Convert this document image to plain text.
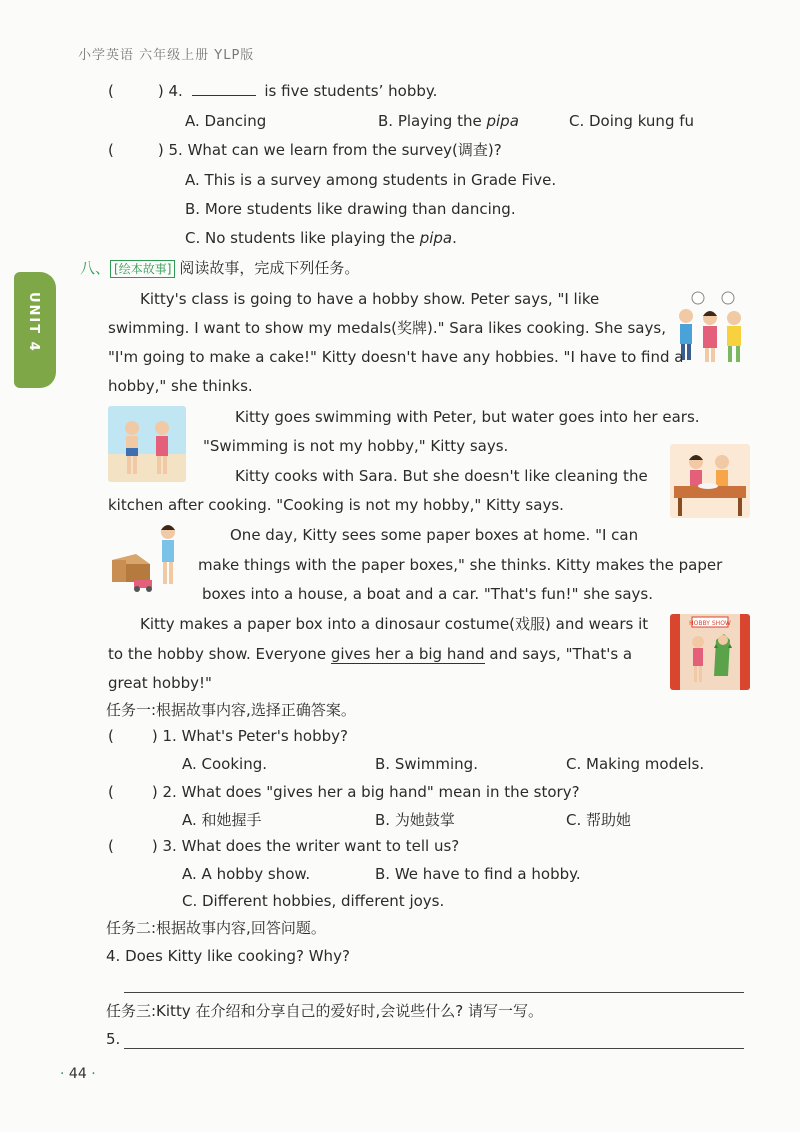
小学英语 六年级上册 YLP版
UNIT 4
(	) 4.	is five students’ hobby.
A. Dancing	B. Playing the pipa	C. Doing kung fu
(	) 5. What can we learn from the survey(调查)?
A. This is a survey among students in Grade Five.
B. More students like drawing than dancing.
C. No students like playing the pipa.
八、 [绘本故事] 阅读故事，完成下列任务。
Kitty's class is going to have a hobby show. Peter says, "I like
swimming. I want to show my medals(奖牌)." Sara likes cooking. She says,
"I'm going to make a cake!" Kitty doesn't have any hobbies. "I have to find a
hobby," she thinks.
Kitty goes swimming with Peter, but water goes into her ears.
"Swimming is not my hobby," Kitty says.
Kitty cooks with Sara. But she doesn't like cleaning the
kitchen after cooking. "Cooking is not my hobby," Kitty says.
One day, Kitty sees some paper boxes at home. "I can
make things with the paper boxes," she thinks. Kitty makes the paper
boxes into a house, a boat and a car. "That's fun!" she says.
HOBBY SHOW
Kitty makes a paper box into a dinosaur costume(戏服) and wears it
to the hobby show. Everyone gives her a big hand and says, "That's a
great hobby!"
任务一:根据故事内容,选择正确答案。
(	) 1. What's Peter's hobby?
A. Cooking.	B. Swimming.	C. Making models.
(	) 2. What does "gives her a big hand" mean in the story?
A. 和她握手	B. 为她鼓掌	C. 帮助她
(	) 3. What does the writer want to tell us?
A. A hobby show.	B. We have to find a hobby.
C. Different hobbies, different joys.
任务二:根据故事内容,回答问题。
4. Does Kitty like cooking? Why?
任务三:Kitty 在介绍和分享自己的爱好时,会说些什么? 请写一写。
5.
· 44 ·
